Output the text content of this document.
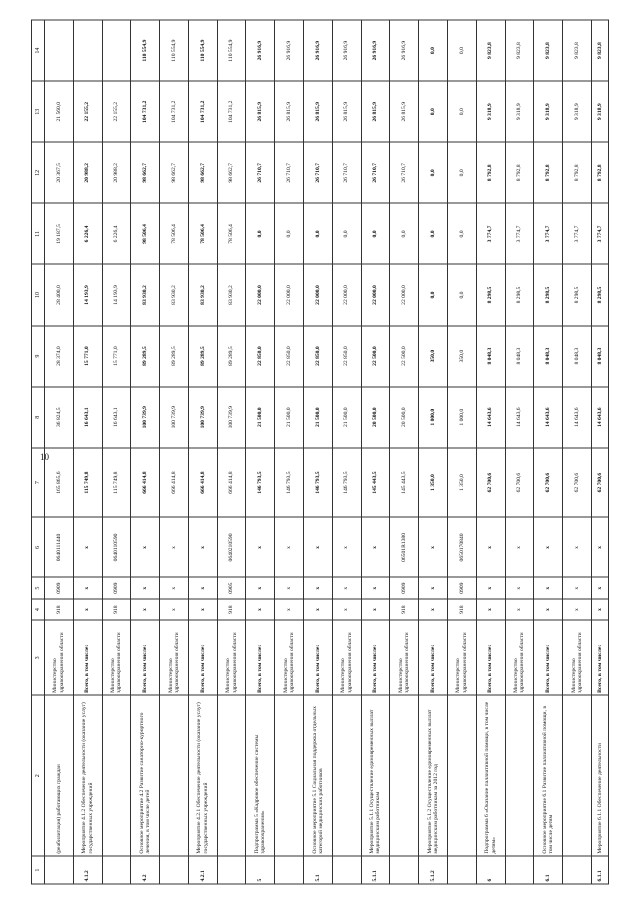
10
1	2	3	4	5	6	7	8	9	10	11	12	13	14
	(реабилитация) работающих граждан	Министерство здравоохранения области	918	0909	0640111440	165 865,6	36 824,5	28 374,0	28 400,0	19 187,5	20 367,5	21 560,0	
4.1.2	Мероприятие 4.1.2 Обеспечение деятельности (оказание услуг) государственных учреждений	Всего, в том числе:	х	х	х	115 749,8	16 643,1	15 771,0	14 193,9	6 226,4	20 988,2	22 155,2	
		Министерство здравоохранения области	918	0909	0640110590	115 749,8	16 643,1	15 771,0	14 193,9	6 226,4	20 988,2	22 155,2	
4.2	Основное мероприятие 4.2 Развитие санаторно-курортного лечения, в том числе детей	Всего, в том числе:	х	х	х	666 414,8	100 739,9	89 289,5	83 930,2	98 506,4	98 662,7	104 731,2	110 554,9
		Министерство здравоохранения области	х	х	х	666 414,8	100 739,9	89 289,5	83 930,2	78 506,4	98 662,7	104 731,2	110 554,9
4.2.1	Мероприятие 4.2.1 Обеспечение деятельности (оказание услуг) государственных учреждений	Всего, в том числе:	х	х	х	666 414,8	100 739,9	89 289,5	83 930,2	78 506,4	98 662,7	104 731,2	110 554,9
		Министерство здравоохранения области	918	0905	0640210590	666 414,8	100 739,9	89 289,5	83 930,2	78 506,4	98 662,7	104 731,2	110 554,9
5	Подпрограмма 5 «Кадровое обеспечение системы здравоохранения»	Всего, в том числе:	х	х	х	146 793,5	21 500,0	22 850,0	22 000,0	0,0	26 710,7	26 815,9	26 916,9
		Министерство здравоохранения области	х	х	х	146 793,5	21 500,0	22 850,0	22 000,0	0,0	26 710,7	26 815,9	26 916,9
5.1	Основное мероприятие 5.1 Социальная поддержка отдельных категорий медицинских работников	Всего, в том числе:	х	х	х	146 793,5	21 500,0	22 850,0	22 000,0	0,0	26 710,7	26 815,9	26 916,9
		Министерство здравоохранения области	х	х	х	146 793,5	21 500,0	22 850,0	22 000,0	0,0	26 710,7	26 815,9	26 916,9
5.1.1	Мероприятие 5.1.1 Осуществление единовременных выплат медицинским работникам	Всего, в том числе:	х	х	х	145 443,5	20 500,0	22 500,0	22 000,0	0,0	26 710,7	26 815,9	26 916,9
		Министерство здравоохранения области	918	0909	06501R1380	145 443,5	20 500,0	22 500,0	22 000,0	0,0	26 710,7	26 815,9	26 916,9
5.1.2	Мероприятие 5.1.2 Осуществление единовременных выплат медицинским работникам за 2012 год	Всего, в том числе:	х	х	х	1 350,0	1 000,0	350,0	0,0	0,0	0,0	0,0	0,0
		Министерство здравоохранения области	918	0909	0650170840	1 350,0	1 000,0	350,0	0,0	0,0	0,0	0,0	0,0
6	Подпрограмма 6 «Оказание паллиативной помощи, в том числе детям»	Всего, в том числе:	х	х	х	62 700,6	14 643,6	8 048,3	8 298,5	3 774,7	8 792,8	9 318,9	9 823,8
		Министерство здравоохранения области	х	х	х	62 700,6	14 643,6	8 048,3	8 298,5	3 774,7	8 792,8	9 318,9	9 823,8
6.1	Основное мероприятие 6.1 Развитие паллиативной помощи, в том числе детям	Всего, в том числе:	х	х	х	62 700,6	14 643,6	8 048,3	8 298,5	3 774,7	8 792,8	9 318,9	9 823,8
		Министерство здравоохранения области	х	х	х	62 700,6	14 643,6	8 048,3	8 298,5	3 774,7	8 792,8	9 318,9	9 823,8
6.1.1	Мероприятие 6.1.1 Обеспечение деятельности	Всего, в том числе:	х	х	х	62 700,6	14 643,6	8 048,3	8 298,5	3 774,7	8 792,8	9 318,9	9 823,8
